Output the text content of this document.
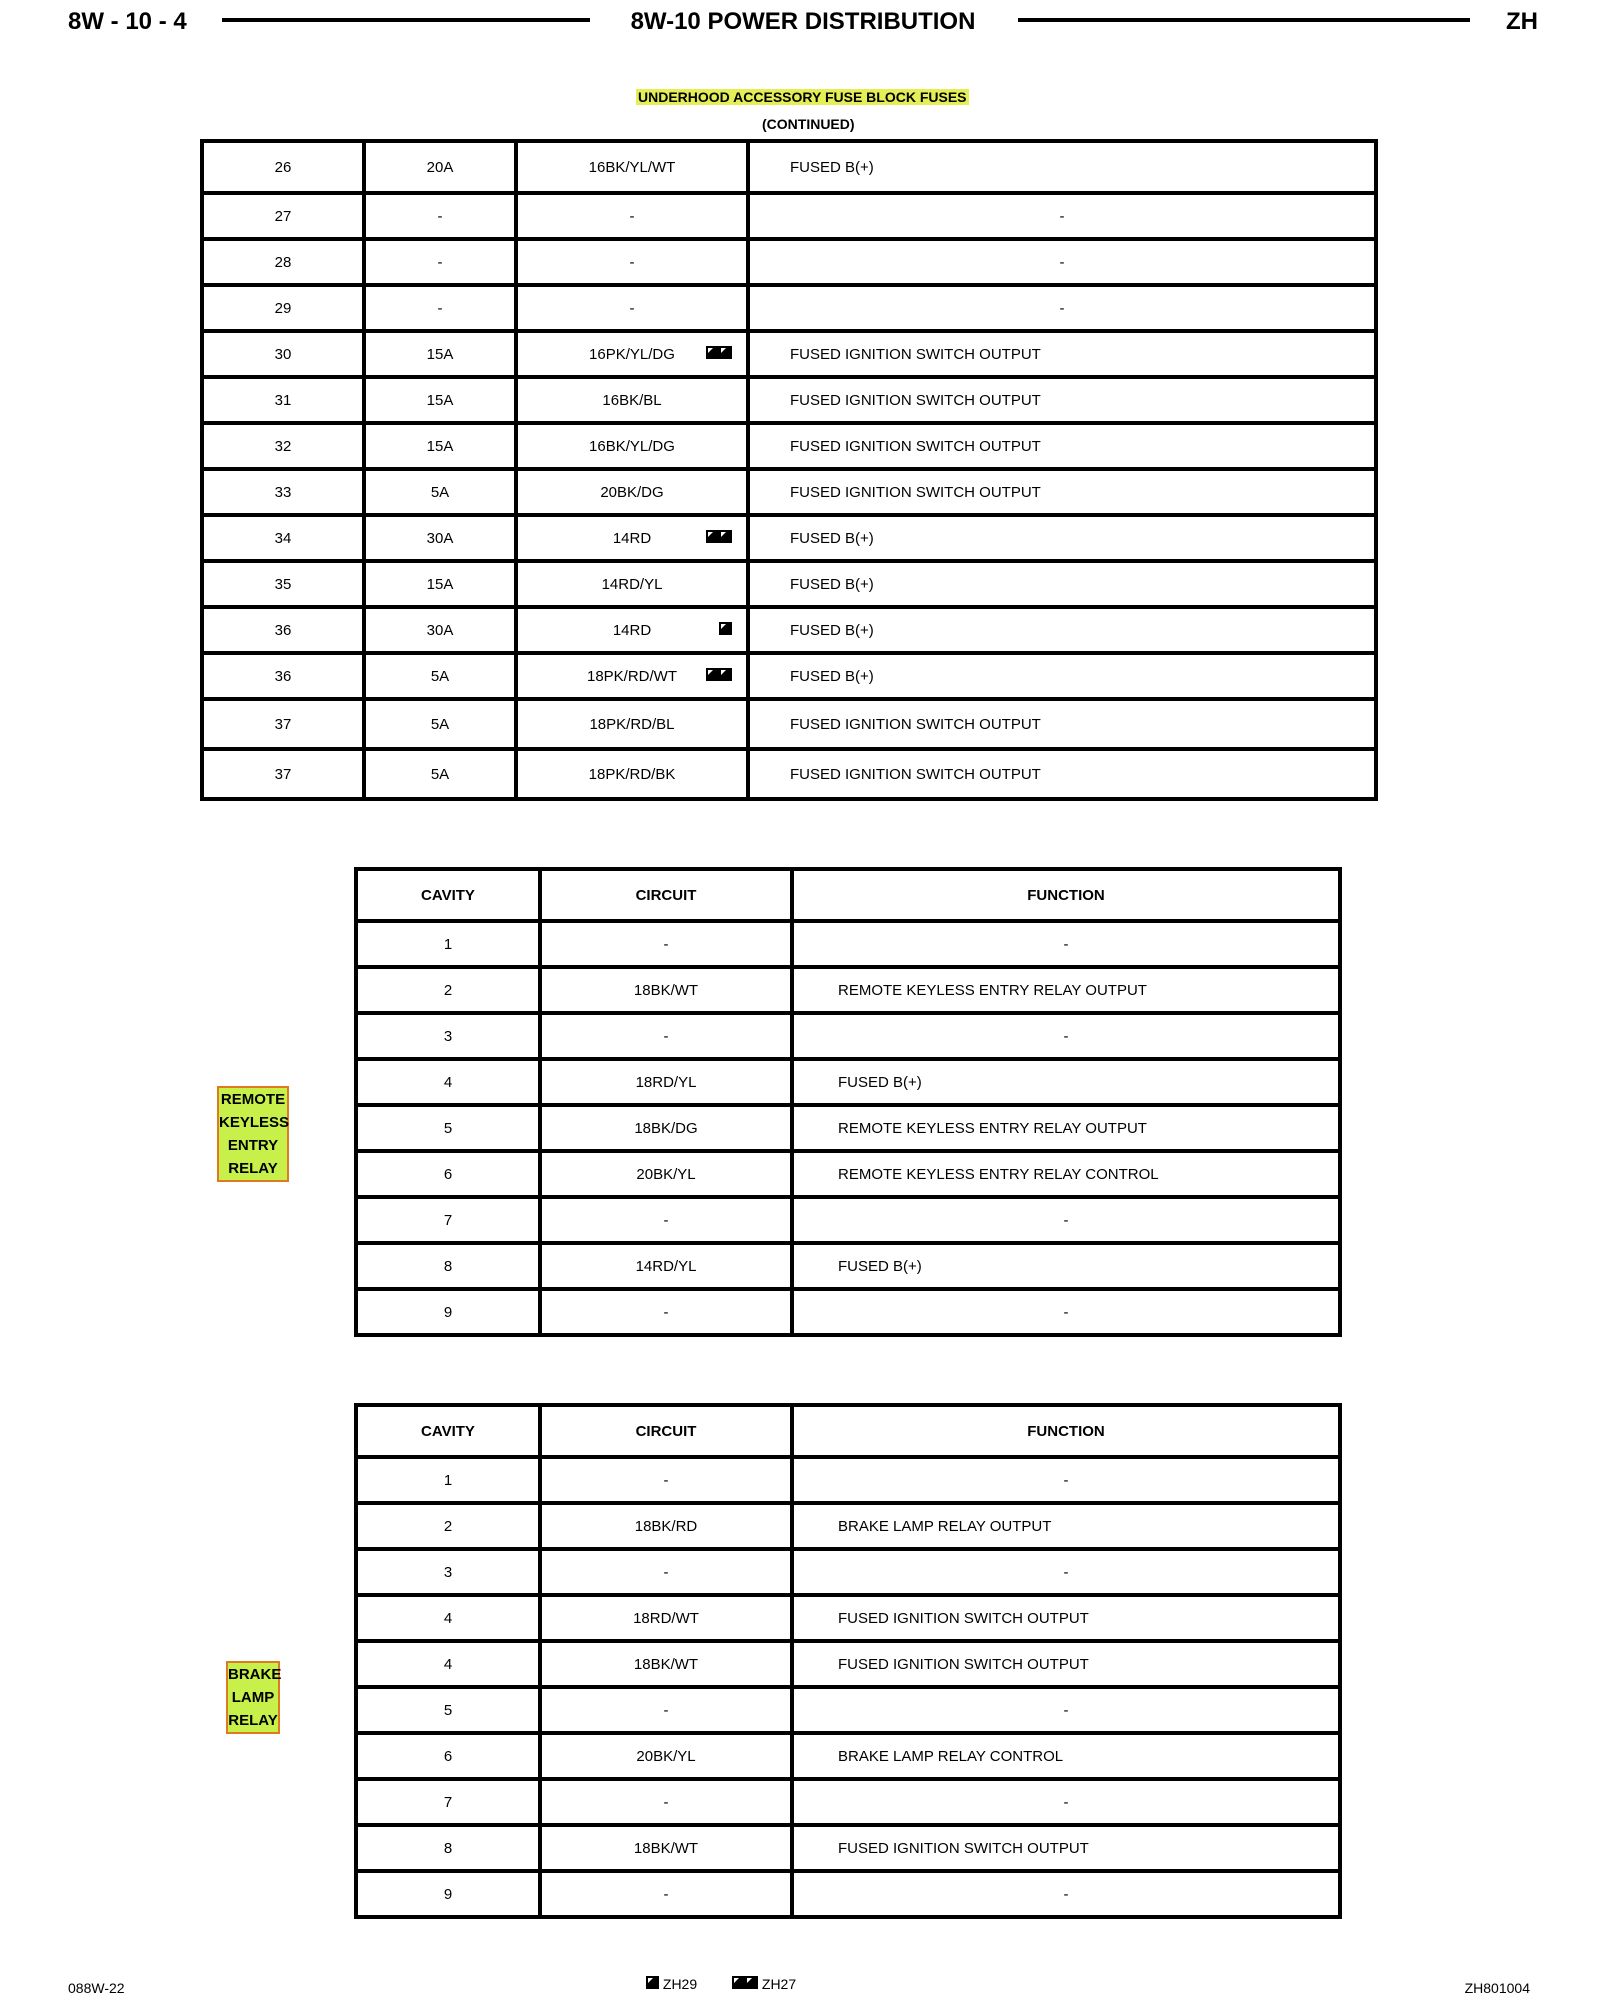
8W - 10 - 4	8W-10 POWER DISTRIBUTION	ZH
UNDERHOOD ACCESSORY FUSE BLOCK FUSES
(CONTINUED)
26	20A	16BK/YL/WT	FUSED B(+)
27	-	-	-
28	-	-	-
29	-	-	-
30	15A	16PK/YL/DG	FUSED IGNITION SWITCH OUTPUT
31	15A	16BK/BL	FUSED IGNITION SWITCH OUTPUT
32	15A	16BK/YL/DG	FUSED IGNITION SWITCH OUTPUT
33	5A	20BK/DG	FUSED IGNITION SWITCH OUTPUT
34	30A	14RD	FUSED B(+)
35	15A	14RD/YL	FUSED B(+)
36	30A	14RD	FUSED B(+)
36	5A	18PK/RD/WT	FUSED B(+)
37	5A	18PK/RD/BL	FUSED IGNITION SWITCH OUTPUT
37	5A	18PK/RD/BK	FUSED IGNITION SWITCH OUTPUT
REMOTE
KEYLESS
ENTRY
RELAY
CAVITY	CIRCUIT	FUNCTION
1	-	-
2	18BK/WT	REMOTE KEYLESS ENTRY RELAY OUTPUT
3	-	-
4	18RD/YL	FUSED B(+)
5	18BK/DG	REMOTE KEYLESS ENTRY RELAY OUTPUT
6	20BK/YL	REMOTE KEYLESS ENTRY RELAY CONTROL
7	-	-
8	14RD/YL	FUSED B(+)
9	-	-
BRAKE
LAMP
RELAY
CAVITY	CIRCUIT	FUNCTION
1	-	-
2	18BK/RD	BRAKE LAMP RELAY OUTPUT
3	-	-
4	18RD/WT	FUSED IGNITION SWITCH OUTPUT
4	18BK/WT	FUSED IGNITION SWITCH OUTPUT
5	-	-
6	20BK/YL	BRAKE LAMP RELAY CONTROL
7	-	-
8	18BK/WT	FUSED IGNITION SWITCH OUTPUT
9	-	-
088W-22	ZH29	ZH27	ZH801004
